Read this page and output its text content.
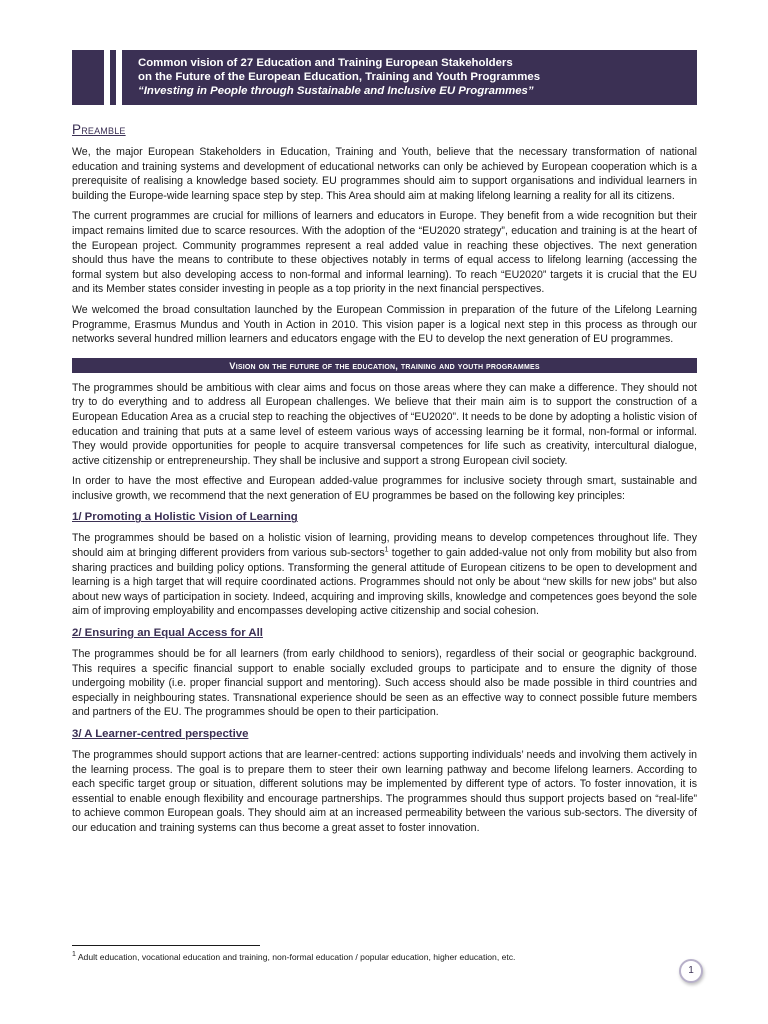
Common vision of 27 Education and Training European Stakeholders
on the Future of the European Education, Training and Youth Programmes
“Investing in People through Sustainable and Inclusive EU Programmes”
Preamble

We, the major European Stakeholders in Education, Training and Youth, believe that the necessary transformation of national education and training systems and development of educational networks can only be achieved by European cooperation which is a prerequisite of realising a knowledge based society. EU programmes should aim to support organisations and individual learners in building the Europe-wide learning space step by step. This Area should aim at making lifelong learning a reality for all its citizens.

The current programmes are crucial for millions of learners and educators in Europe. They benefit from a wide recognition but their impact remains limited due to scarce resources. With the adoption of the “EU2020 strategy”, education and training is at the heart of the European project. Community programmes represent a real added value in reaching these objectives. The next generation should thus have the means to contribute to these objectives notably in terms of equal access to lifelong learning (accessing the formal system but also developing access to non-formal and informal learning). To reach “EU2020” targets it is crucial that the EU and its Member states consider investing in people as a top priority in the next financial perspectives.

We welcomed the broad consultation launched by the European Commission in preparation of the future of the Lifelong Learning Programme, Erasmus Mundus and Youth in Action in 2010. This vision paper is a logical next step in this process as through our networks several hundred million learners and educators engage with the EU to develop the next generation of EU programmes.

Vision on the future of the education, training and youth programmes

The programmes should be ambitious with clear aims and focus on those areas where they can make a difference. They should not try to do everything and to address all European challenges. We believe that their main aim is to support the construction of a European Education Area as a crucial step to reaching the objectives of “EU2020”. It needs to be done by adopting a holistic vision of education and training that puts at a same level of esteem various ways of accessing learning be it formal, non-formal or informal. They would provide opportunities for people to acquire transversal competences for life such as creativity, intercultural dialogue, active citizenship or entrepreneurship. They shall be inclusive and support a strong European civil society.

In order to have the most effective and European added-value programmes for inclusive society through smart, sustainable and inclusive growth, we recommend that the next generation of EU programmes be based on the following key principles:

1/ Promoting a Holistic Vision of Learning

The programmes should be based on a holistic vision of learning, providing means to develop competences throughout life. They should aim at bringing different providers from various sub-sectors$^1$ together to gain added-value not only from mobility but also from sharing practices and building policy options. Transforming the general attitude of European citizens to be open to development and learning is a high target that will require coordinated actions. Programmes should not only be about “new skills for new jobs” but also about new ways of participation in society. Indeed, acquiring and improving skills, knowledge and competences goes beyond the sole aim of improving employability and encompasses developing active citizenship and social cohesion.

2/ Ensuring an Equal Access for All

The programmes should be for all learners (from early childhood to seniors), regardless of their social or geographic background. This requires a specific financial support to enable socially excluded groups to participate and to ensure the dignity of those undergoing mobility (i.e. proper financial support and mentoring). Such access should also be made possible in third countries and especially in neighbouring states. Transnational experience should be seen as an effective way to connect possible future members and partners of the EU. The programmes should be open to their participation.

3/ A Learner-centred perspective

The programmes should support actions that are learner-centred: actions supporting individuals’ needs and involving them actively in the learning process. The goal is to prepare them to steer their own learning pathway and become lifelong learners. According to each specific target group or situation, different solutions may be implemented by different type of actors. To foster innovation, it is essential to enable enough flexibility and encourage partnerships. The programmes should thus support projects based on “real-life” to achieve common European goals. They should aim at an increased permeability between the various sub-sectors. The diversity of our education and training systems can thus become a great asset to foster innovation.

$^1$ Adult education, vocational education and training, non-formal education / popular education, higher education, etc.
1
